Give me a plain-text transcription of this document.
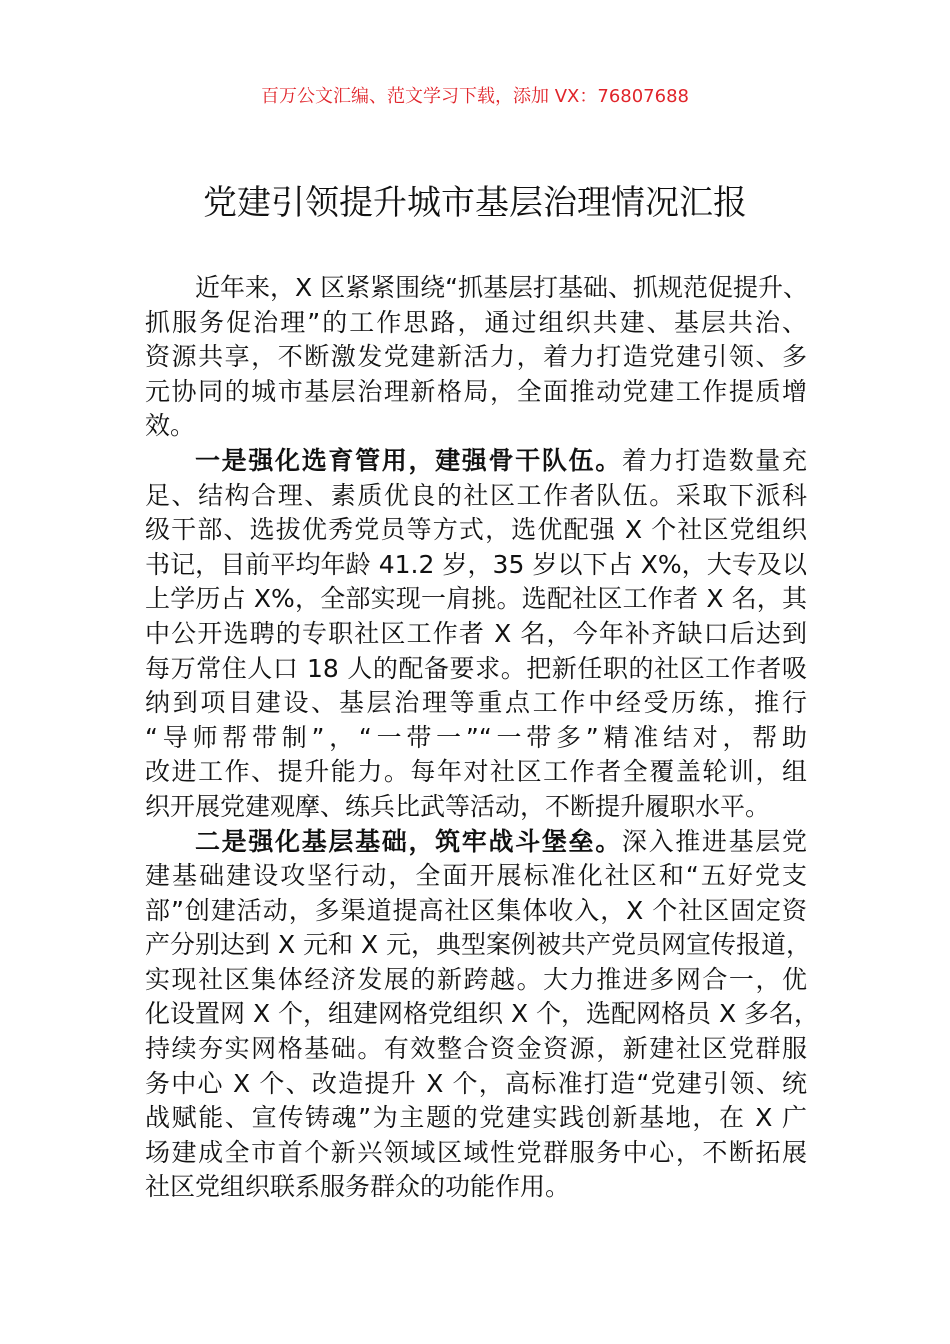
百万公文汇编、范文学习下载，添加 VX：76807688
党建引领提升城市基层治理情况汇报
近年来，X 区紧紧围绕“抓基层打基础、抓规范促提升、
抓服务促治理”的工作思路，通过组织共建、基层共治、
资源共享，不断激发党建新活力，着力打造党建引领、多
元协同的城市基层治理新格局，全面推动党建工作提质增
效。
一是强化选育管用，建强骨干队伍。着力打造数量充
足、结构合理、素质优良的社区工作者队伍。采取下派科
级干部、选拔优秀党员等方式，选优配强 X 个社区党组织
书记，目前平均年龄 41.2 岁，35 岁以下占 X%，大专及以
上学历占 X%，全部实现一肩挑。选配社区工作者 X 名，其
中公开选聘的专职社区工作者 X 名，今年补齐缺口后达到
每万常住人口 18 人的配备要求。把新任职的社区工作者吸
纳到项目建设、基层治理等重点工作中经受历练，推行
“导师帮带制”，“一带一”“一带多”精准结对，帮助
改进工作、提升能力。每年对社区工作者全覆盖轮训，组
织开展党建观摩、练兵比武等活动，不断提升履职水平。
二是强化基层基础，筑牢战斗堡垒。深入推进基层党
建基础建设攻坚行动，全面开展标准化社区和“五好党支
部”创建活动，多渠道提高社区集体收入，X 个社区固定资
产分别达到 X 元和 X 元，典型案例被共产党员网宣传报道，
实现社区集体经济发展的新跨越。大力推进多网合一，优
化设置网 X 个，组建网格党组织 X 个，选配网格员 X 多名，
持续夯实网格基础。有效整合资金资源，新建社区党群服
务中心 X 个、改造提升 X 个，高标准打造“党建引领、统
战赋能、宣传铸魂”为主题的党建实践创新基地，在 X 广
场建成全市首个新兴领域区域性党群服务中心，不断拓展
社区党组织联系服务群众的功能作用。
